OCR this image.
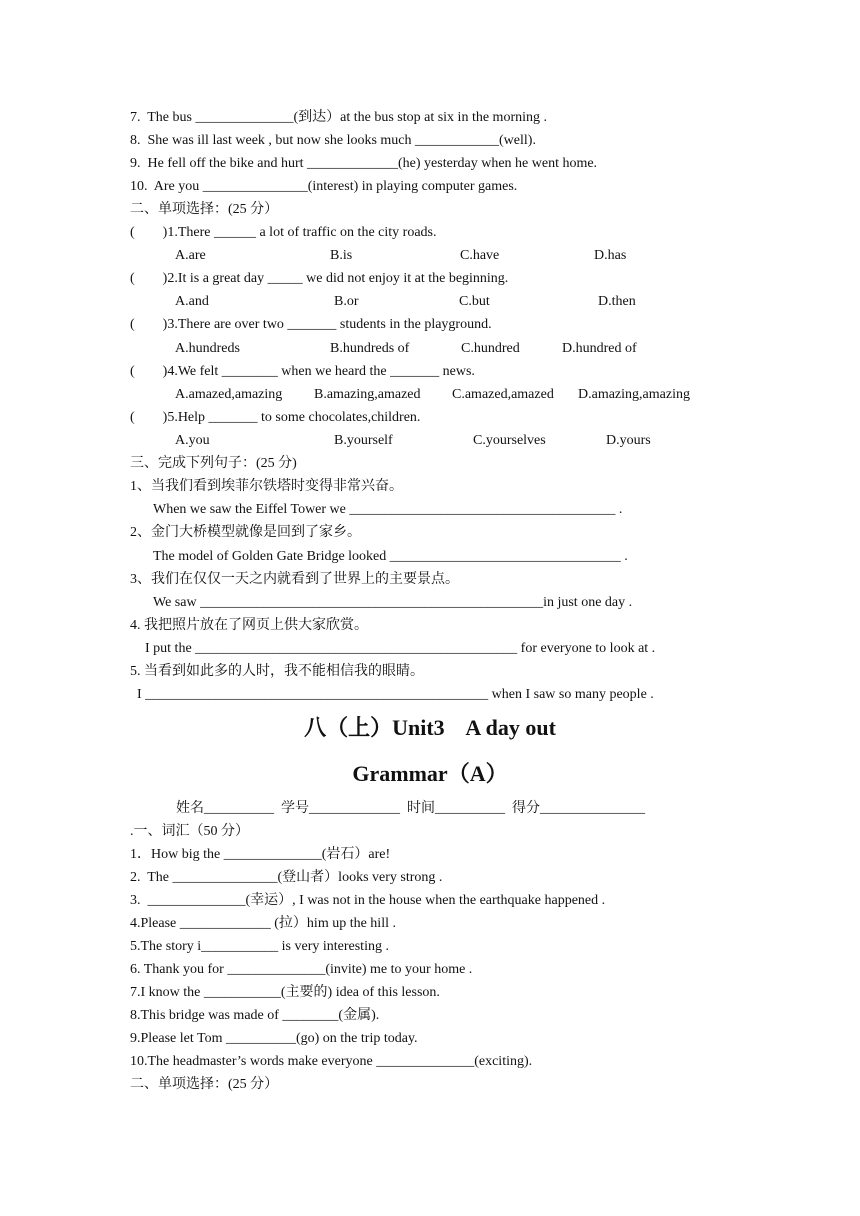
7.  The bus ______________(到达）at the bus stop at six in the morning .
8.  She was ill last week , but now she looks much ____________(well).
9.  He fell off the bike and hurt _____________(he) yesterday when he went home.
10.  Are you _______________(interest) in playing computer games.
二、单项选择：(25 分）
(        )1.There ______ a lot of traffic on the city roads.
A.are	B.is	C.have	D.has
(        )2.It is a great day _____ we did not enjoy it at the beginning.
A.and	B.or	C.but	D.then
(        )3.There are over two _______ students in the playground.
A.hundreds	B.hundreds of	C.hundred	D.hundred of
(        )4.We felt ________ when we heard the _______ news.
A.amazed,amazing B.amazing,amazed C.amazed,amazed D.amazing,amazing
(        )5.Help _______ to some chocolates,children.
A.you	B.yourself	C.yourselves	D.yours
三、完成下列句子：(25 分)
1、当我们看到埃菲尔铁塔时变得非常兴奋。
When we saw the Eiffel Tower we ______________________________________ .
2、金门大桥模型就像是回到了家乡。
The model of Golden Gate Bridge looked _________________________________ .
3、我们在仅仅一天之内就看到了世界上的主要景点。
We saw _________________________________________________in just one day .
4. 我把照片放在了网页上供大家欣赏。
I put the ______________________________________________ for everyone to look at .
5. 当看到如此多的人时，我不能相信我的眼睛。
I _________________________________________________ when I saw so many people .
八（上）Unit3    A day out
Grammar（A）
姓名__________  学号_____________  时间__________  得分_______________
.一、词汇（50 分）
1．How big the ______________(岩石）are!
2.  The _______________(登山者）looks very strong .
3.  ______________(幸运）, I was not in the house when the earthquake happened .
4.Please _____________ (拉）him up the hill .
5.The story i___________ is very interesting .
6. Thank you for ______________(invite) me to your home .
7.I know the ___________(主要的) idea of this lesson.
8.This bridge was made of ________(金属).
9.Please let Tom __________(go) on the trip today.
10.The headmaster’s words make everyone ______________(exciting).
二、单项选择：(25 分）
